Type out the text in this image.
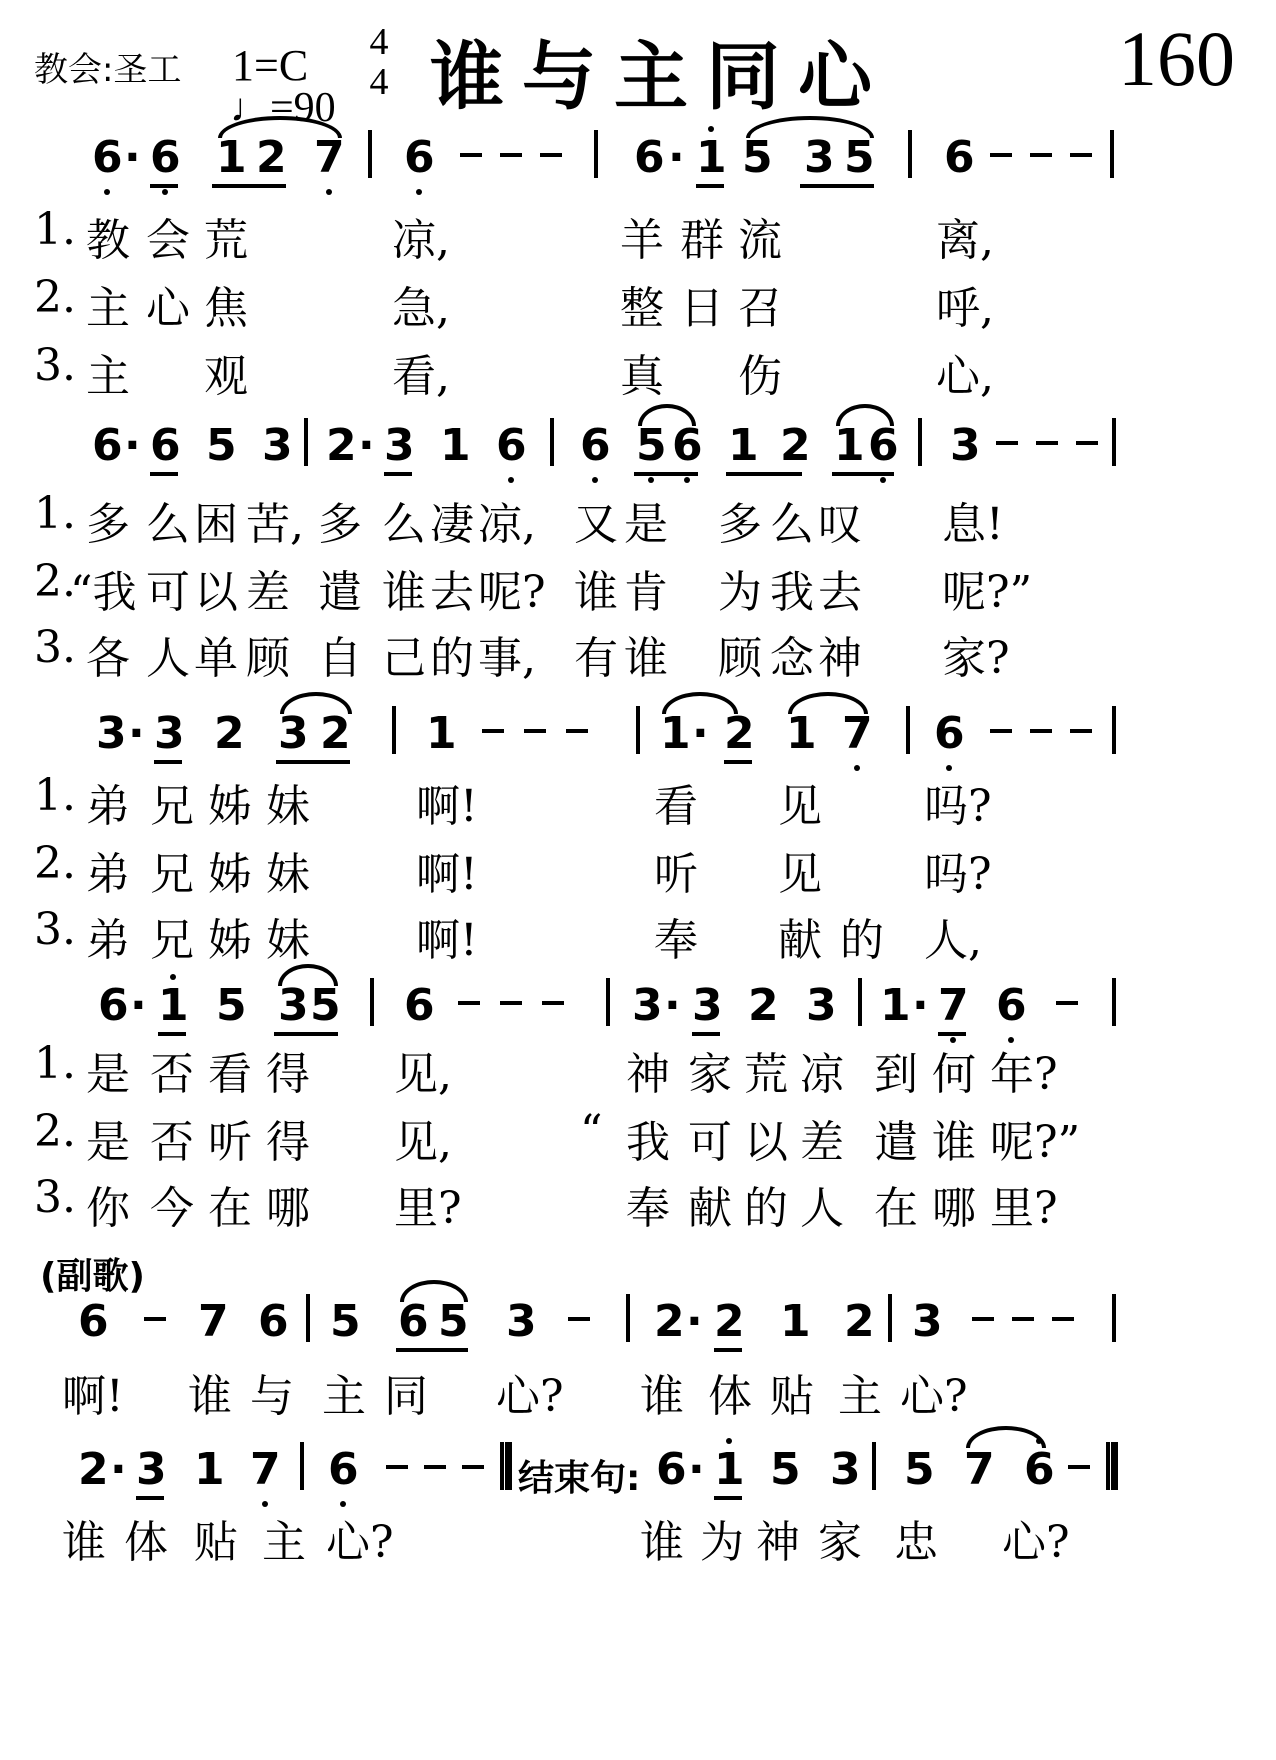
教会:圣工 1=C
♩=90
4
4 谁与主同心	160
6 · 6 1 2 7 6	6 · 1 5 3 5 6
1. 教 会 荒	凉,	羊 群 流	离,
2. 主 心 焦	急,	整 日 召	呼,
3. 主 观	看,	真 伤	心,
6 · 6 5 3 2 · 3 1 6 6 5 6 1 2 1 6 3
1. 多 么 困 苦, 多 么 凄 凉, 又 是 多 么 叹 息!
2.
“我 可 以 差 遣 谁 去 呢? 谁 肯 为 我 去 呢?”
3. 各 人 单 顾 自 己 的 事, 有 谁 顾 念 神 家?
3 · 3 2 3 2 1	1 · 2 1 7 6
1. 弟 兄 姊 妹 啊!	看 见 吗?
2. 弟 兄 姊 妹 啊!	听 见 吗?
3. 弟 兄 姊 妹 啊!	奉 献 的 人,
6 · 1 5 3 5 6	3 · 3 2 3 1 · 7 6
1. 是 否 看 得 见,	神 家 荒 凉 到 何 年?
2. 是 否 听 得 见,	“ 我 可 以 差 遣 谁 呢?”
3. 你 今 在 哪 里?	奉 献 的 人 在 哪 里?
(副歌)
6 7 6 5 6 5 3	2 · 2 1 2 3
啊! 谁 与 主 同 心? 谁 体 贴 主 心?
2 · 3 1 7 6	6 · 1 5 3 5 7 6
结束句:
谁 体 贴 主 心?	谁 为 神 家 忠 心?
